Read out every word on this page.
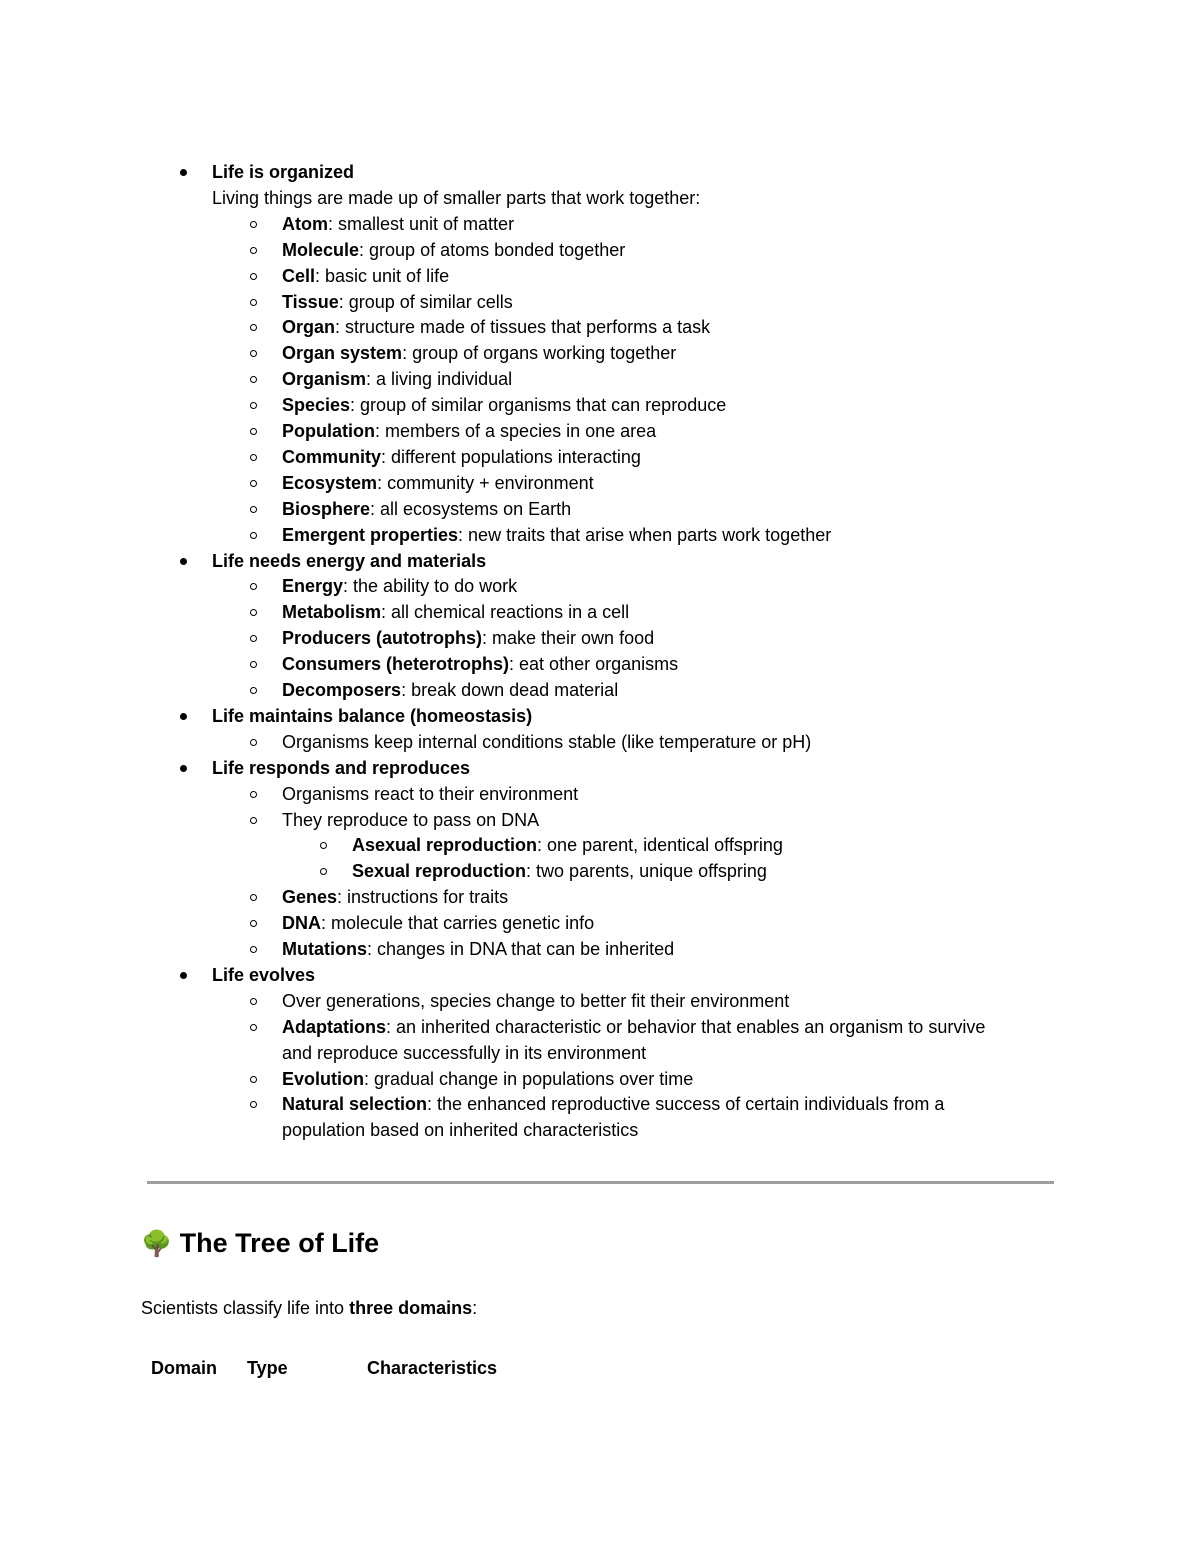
🌳 The Tree of Life
Scientists classify life into three domains:
Domain Type	Characteristics
Life is organized
Living things are made up of smaller parts that work together:
Atom: smallest unit of matter
Molecule: group of atoms bonded together
Cell: basic unit of life
Tissue: group of similar cells
Organ: structure made of tissues that performs a task
Organ system: group of organs working together
Organism: a living individual
Species: group of similar organisms that can reproduce
Population: members of a species in one area
Community: different populations interacting
Ecosystem: community + environment
Biosphere: all ecosystems on Earth
Emergent properties: new traits that arise when parts work together
Life needs energy and materials
Energy: the ability to do work
Metabolism: all chemical reactions in a cell
Producers (autotrophs): make their own food
Consumers (heterotrophs): eat other organisms
Decomposers: break down dead material
Life maintains balance (homeostasis)
Organisms keep internal conditions stable (like temperature or pH)
Life responds and reproduces
Organisms react to their environment
They reproduce to pass on DNA
Asexual reproduction: one parent, identical offspring
Sexual reproduction: two parents, unique offspring
Genes: instructions for traits
DNA: molecule that carries genetic info
Mutations: changes in DNA that can be inherited
Life evolves
Over generations, species change to better fit their environment
Adaptations: an inherited characteristic or behavior that enables an organism to survive
and reproduce successfully in its environment
Evolution: gradual change in populations over time
Natural selection: the enhanced reproductive success of certain individuals from a
population based on inherited characteristics
